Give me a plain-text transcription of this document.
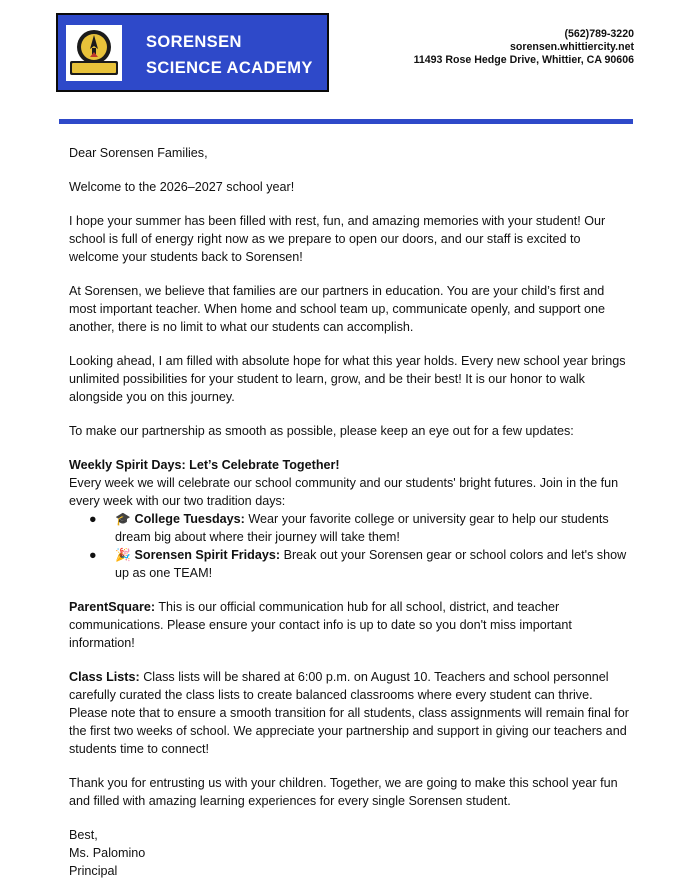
SORENSEN
SCIENCE ACADEMY
(562)789-3220
sorensen.whittiercity.net
11493 Rose Hedge Drive, Whittier, CA 90606

Dear Sorensen Families,

Welcome to the 2026–2027 school year!

I hope your summer has been filled with rest, fun, and amazing memories with your student! Our school is full of energy right now as we prepare to open our doors, and our staff is excited to welcome your students back to Sorensen!

At Sorensen, we believe that families are our partners in education. You are your child’s first and most important teacher. When home and school team up, communicate openly, and support one another, there is no limit to what our students can accomplish.

Looking ahead, I am filled with absolute hope for what this year holds. Every new school year brings unlimited possibilities for your student to learn, grow, and be their best! It is our honor to walk alongside you on this journey.

To make our partnership as smooth as possible, please keep an eye out for a few updates:

Weekly Spirit Days: Let’s Celebrate Together!

Every week we will celebrate our school community and our students' bright futures. Join in the fun every week with our two tradition days:

● 🎓 College Tuesdays: Wear your favorite college or university gear to help our students dream big about where their journey will take them!
● 🎉 Sorensen Spirit Fridays: Break out your Sorensen gear or school colors and let's show up as one TEAM!

ParentSquare: This is our official communication hub for all school, district, and teacher communications. Please ensure your contact info is up to date so you don't miss important information!

Class Lists: Class lists will be shared at 6:00 p.m. on August 10. Teachers and school personnel carefully curated the class lists to create balanced classrooms where every student can thrive. Please note that to ensure a smooth transition for all students, class assignments will remain final for the first two weeks of school. We appreciate your partnership and support in giving our teachers and students time to connect!

Thank you for entrusting us with your children. Together, we are going to make this school year fun and filled with amazing learning experiences for every single Sorensen student.

Best,

Ms. Palomino

Principal
